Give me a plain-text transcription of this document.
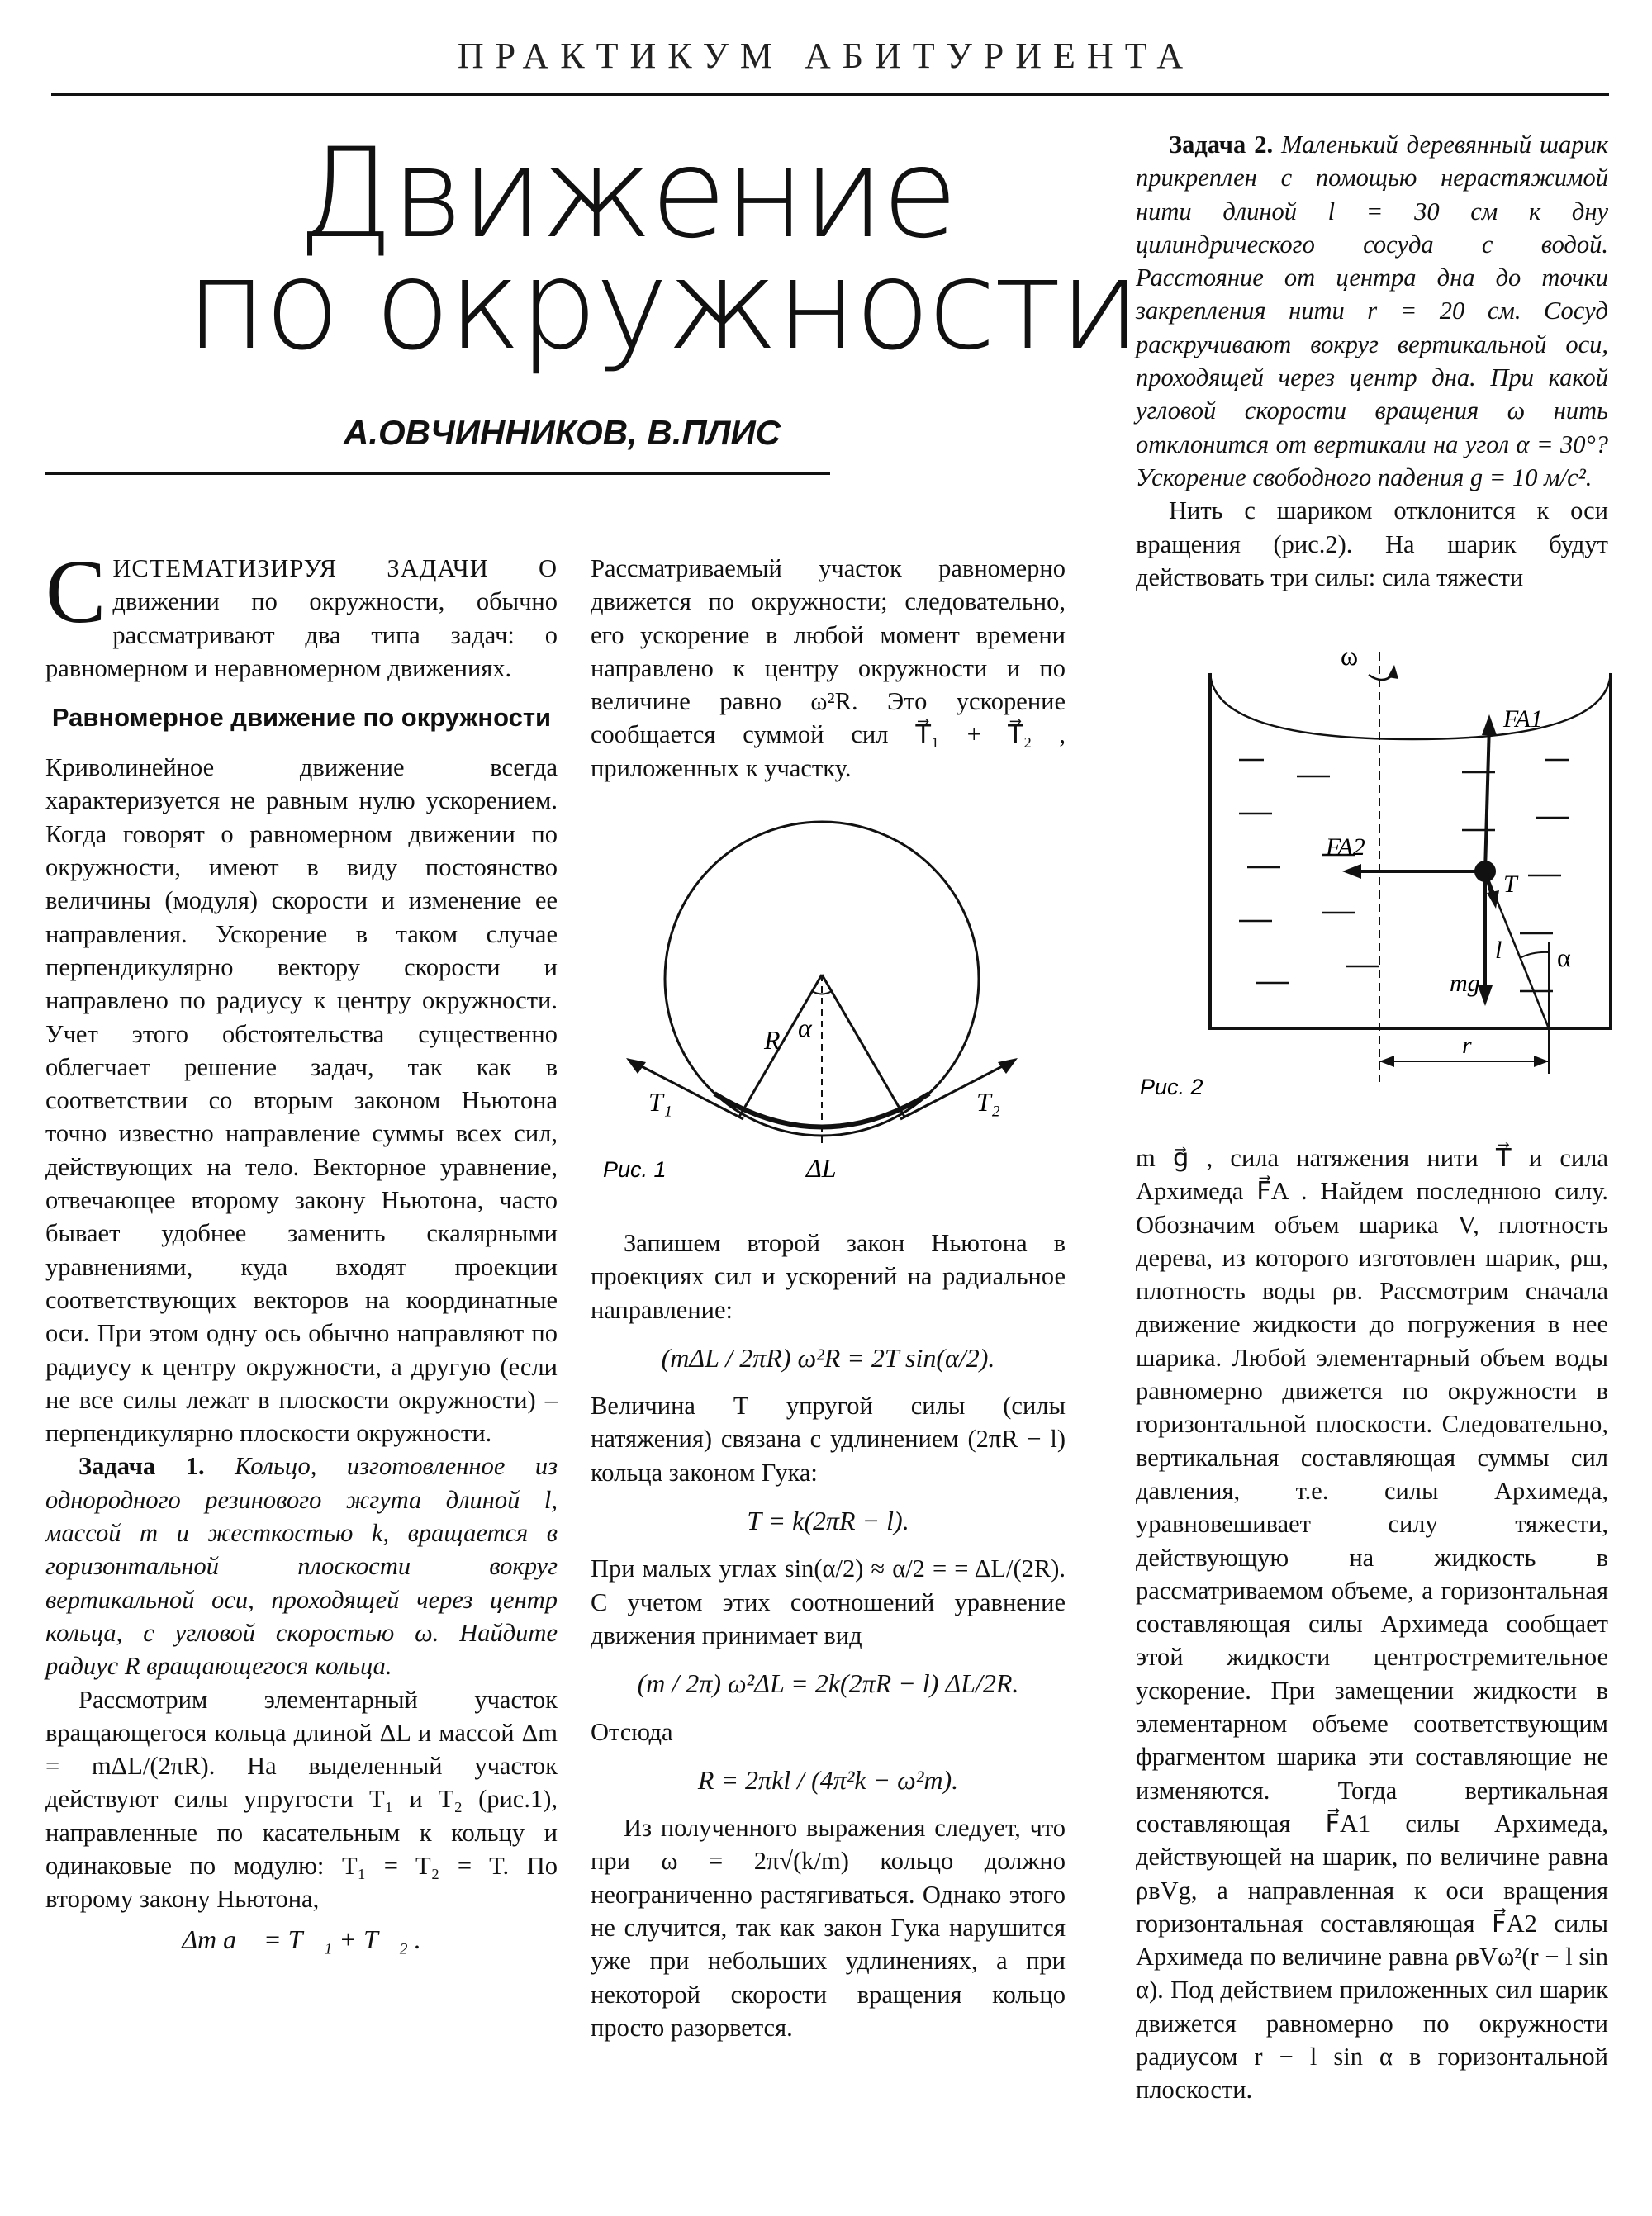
ПРАКТИКУМ АБИТУРИЕНТА
Движение
по окружности
А.ОВЧИННИКОВ, В.ПЛИС

СИСТЕМАТИЗИРУЯ ЗАДАЧИ О движении по окружности, обычно рассматривают два типа задач: о равномерном и неравномерном движениях.

Равномерное движение по окружности

Криволинейное движение всегда характеризуется не равным нулю ускорением. Когда говорят о равномерном движении по окружности, имеют в виду постоянство величины (модуля) скорости и изменение ее направления. Ускорение в таком случае перпендикулярно вектору скорости и направлено по радиусу к центру окружности. Учет этого обстоятельства существенно облегчает решение задач, так как в соответствии со вторым законом Ньютона точно известно направление суммы всех сил, действующих на тело. Векторное уравнение, отвечающее второму закону Ньютона, часто бывает удобнее заменить скалярными уравнениями, куда входят проекции соответствующих векторов на координатные оси. При этом одну ось обычно направляют по радиусу к центру окружности, а другую (если не все силы лежат в плоскости окружности) – перпендикулярно плоскости окружности.

Задача 1. Кольцо, изготовленное из однородного резинового жгута длиной l, массой m и жесткостью k, вращается в горизонтальной плоскости вокруг вертикальной оси, проходящей через центр кольца, с угловой скоростью ω. Найдите радиус R вращающегося кольца.

Рассмотрим элементарный участок вращающегося кольца длиной ΔL и массой Δm = mΔL/(2πR). На выделенный участок действуют силы упругости T₁ и T₂ (рис.1), направленные по касательным к кольцу и одинаковые по модулю: T₁ = T₂ = T. По второму закону Ньютона,

Δm a⃗ = T⃗₁ + T⃗₂ .

Рассматриваемый участок равномерно движется по окружности; следовательно, его ускорение в любой момент времени направлено к центру окружности и по величине равно ω²R. Это ускорение сообщается суммой сил T⃗₁ + T⃗₂ , приложенных к участку.

R α
T₁	T₂
ΔL
Рис. 1

Запишем второй закон Ньютона в проекциях сил и ускорений на радиальное направление:

(mΔL / 2πR) ω²R = 2T sin(α/2).

Величина T упругой силы (силы натяжения) связана с удлинением (2πR − l) кольца законом Гука:

T = k(2πR − l).

При малых углах sin(α/2) ≈ α/2 = = ΔL/(2R). С учетом этих соотношений уравнение движения принимает вид

(m / 2π) ω²ΔL = 2k(2πR − l) ΔL/2R.

Отсюда

R = 2πkl / (4π²k − ω²m).

Из полученного выражения следует, что при ω = 2π√(k/m) кольцо должно неограниченно растягиваться. Однако этого не случится, так как закон Гука нарушится уже при небольших удлинениях, а при некоторой скорости вращения кольцо просто разорвется.

Задача 2. Маленький деревянный шарик прикреплен с помощью нерастяжимой нити длиной l = 30 см к дну цилиндрического сосуда с водой. Расстояние от центра дна до точки закрепления нити r = 20 см. Сосуд раскручивают вокруг вертикальной оси, проходящей через центр дна. При какой угловой скорости вращения ω нить отклонится от вертикали на угол α = 30°? Ускорение свободного падения g = 10 м/с².

Нить с шариком отклонится к оси вращения (рис.2). На шарик будут действовать три силы: сила тяжести

ω
FA1
FA2
T
l
mg
α
r
Рис. 2

m g⃗ , сила натяжения нити T⃗ и сила Архимеда F⃗A . Найдем последнюю силу. Обозначим объем шарика V, плотность дерева, из которого изготовлен шарик, ρш, плотность воды ρв. Рассмотрим сначала движение жидкости до погружения в нее шарика. Любой элементарный объем воды равномерно движется по окружности в горизонтальной плоскости. Следовательно, вертикальная составляющая суммы сил давления, т.е. силы Архимеда, уравновешивает силу тяжести, действующую на жидкость в рассматриваемом объеме, а горизонтальная составляющая силы Архимеда сообщает этой жидкости центростремительное ускорение. При замещении жидкости в элементарном объеме соответствующим фрагментом шарика эти составляющие не изменяются. Тогда вертикальная составляющая F⃗A1 силы Архимеда, действующей на шарик, по величине равна ρвVg, а направленная к оси вращения горизонтальная составляющая F⃗A2 силы Архимеда по величине равна ρвVω²(r − l sin α). Под действием приложенных сил шарик движется равномерно по окружности радиусом r − l sin α в горизонтальной плоскости.
